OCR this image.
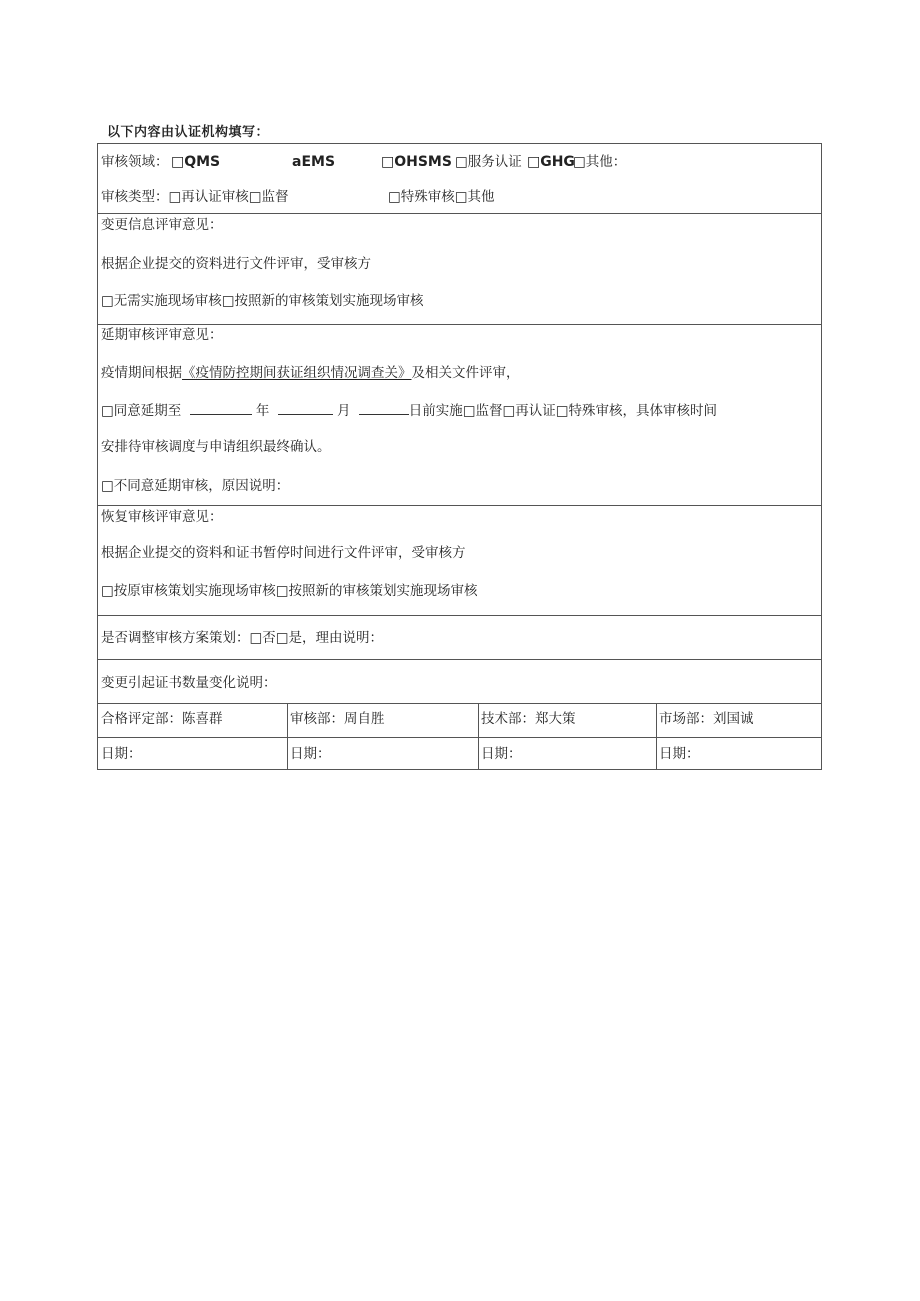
以下内容由认证机构填写：
审核领域： □QMS	aEMS	□OHSMS □服务认证 □GHG
□其他：
审核类型：□再认证审核□监督	□特殊审核□其他
变更信息评审意见：
根据企业提交的资料进行文件评审，受审核方
□无需实施现场审核□按照新的审核策划实施现场审核
延期审核评审意见：
疫情期间根据《疫情防控期间获证组织情况调查关》及相关文件评审，
□同意延期至	年	月	日前实施□监督□再认证□特殊审核，具体审核时间
安排待审核调度与申请组织最终确认。
□不同意延期审核，原因说明：
恢复审核评审意见：
根据企业提交的资料和证书暂停时间进行文件评审，受审核方
□按原审核策划实施现场审核□按照新的审核策划实施现场审核
是否调整审核方案策划：□否□是，理由说明：
变更引起证书数量变化说明：
合格评定部：陈喜群	审核部：周自胜	技术部：郑大策	市场部：刘国诚
日期：	日期：	日期：	日期：
